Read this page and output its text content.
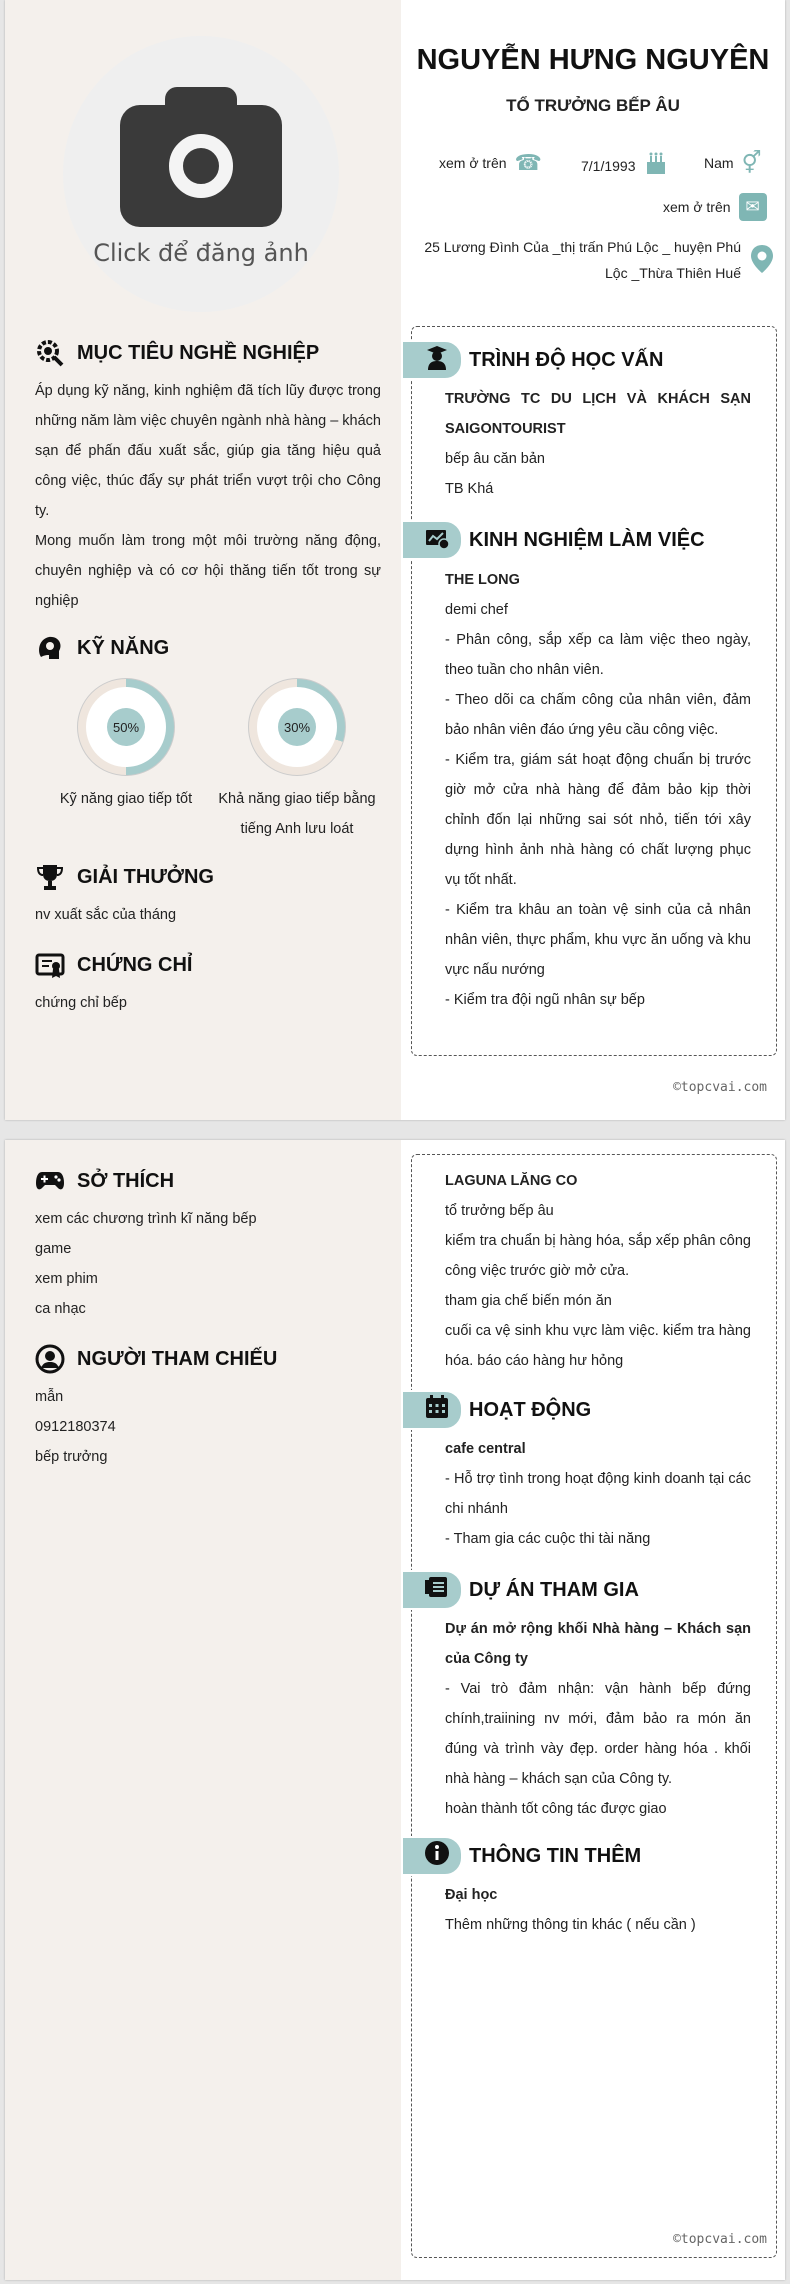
Click để đăng ảnh
MỤC TIÊU NGHỀ NGHIỆP

Áp dụng kỹ năng, kinh nghiệm đã tích lũy được trong những năm làm việc chuyên ngành nhà hàng – khách sạn để phấn đấu xuất sắc, giúp gia tăng hiệu quả công việc, thúc đẩy sự phát triển vượt trội cho Công ty.

Mong muốn làm trong một môi trường năng động, chuyên nghiệp và có cơ hội thăng tiến tốt trong sự nghiệp

KỸ NĂNG
50%
Kỹ năng giao tiếp tốt
30%
Khả năng giao tiếp bằng tiếng Anh lưu loát
GIẢI THƯỞNG

nv xuất sắc của tháng

CHỨNG CHỈ

chứng chỉ bếp

NGUYỄN HƯNG NGUYÊN
TỔ TRƯỞNG BẾP ÂU
xem ở trên ☎	7/1/1993	Nam ⚥
xem ở trên ✉
25 Lương Đình Của _thị trấn Phú Lộc _ huyện Phú
Lộc _Thừa Thiên Huế
TRÌNH ĐỘ HỌC VẤN

TRƯỜNG TC DU LỊCH VÀ KHÁCH SẠN SAIGONTOURIST

bếp âu căn bản

TB Khá

KINH NGHIỆM LÀM VIỆC

THE LONG

demi chef

- Phân công, sắp xếp ca làm việc theo ngày, theo tuần cho nhân viên.

- Theo dõi ca chấm công của nhân viên, đảm bảo nhân viên đáo ứng yêu cầu công việc.

- Kiểm tra, giám sát hoạt động chuẩn bị trước giờ mở cửa nhà hàng để đảm bảo kịp thời chỉnh đốn lại những sai sót nhỏ, tiến tới xây dựng hình ảnh nhà hàng có chất lượng phục vụ tốt nhất.

- Kiểm tra khâu an toàn vệ sinh của cả nhân nhân viên, thực phẩm, khu vực ăn uống và khu vực nấu nướng

- Kiểm tra đội ngũ nhân sự bếp

©topcvai.com
SỞ THÍCH

xem các chương trình kĩ năng bếp

game

xem phim

ca nhạc

NGƯỜI THAM CHIẾU

mẫn

0912180374

bếp trưởng

LAGUNA LĂNG CO

tổ trưởng bếp âu

kiểm tra chuẩn bị hàng hóa, sắp xếp phân công công việc trước giờ mở cửa.

tham gia chế biến món ăn

cuối ca vệ sinh khu vực làm việc. kiểm tra hàng hóa. báo cáo hàng hư hỏng

HOẠT ĐỘNG

cafe central

- Hỗ trợ tình trong hoạt động kinh doanh tại các chi nhánh

- Tham gia các cuộc thi tài năng

DỰ ÁN THAM GIA

Dự án mở rộng khối Nhà hàng – Khách sạn của Công ty

- Vai trò đảm nhận: vận hành bếp đứng chính,traiining nv mới, đảm bảo ra món ăn đúng và trình vày đẹp. order hàng hóa . khối nhà hàng – khách sạn của Công ty.

hoàn thành tốt công tác được giao

THÔNG TIN THÊM

Đại học

Thêm những thông tin khác ( nếu cần )

©topcvai.com
